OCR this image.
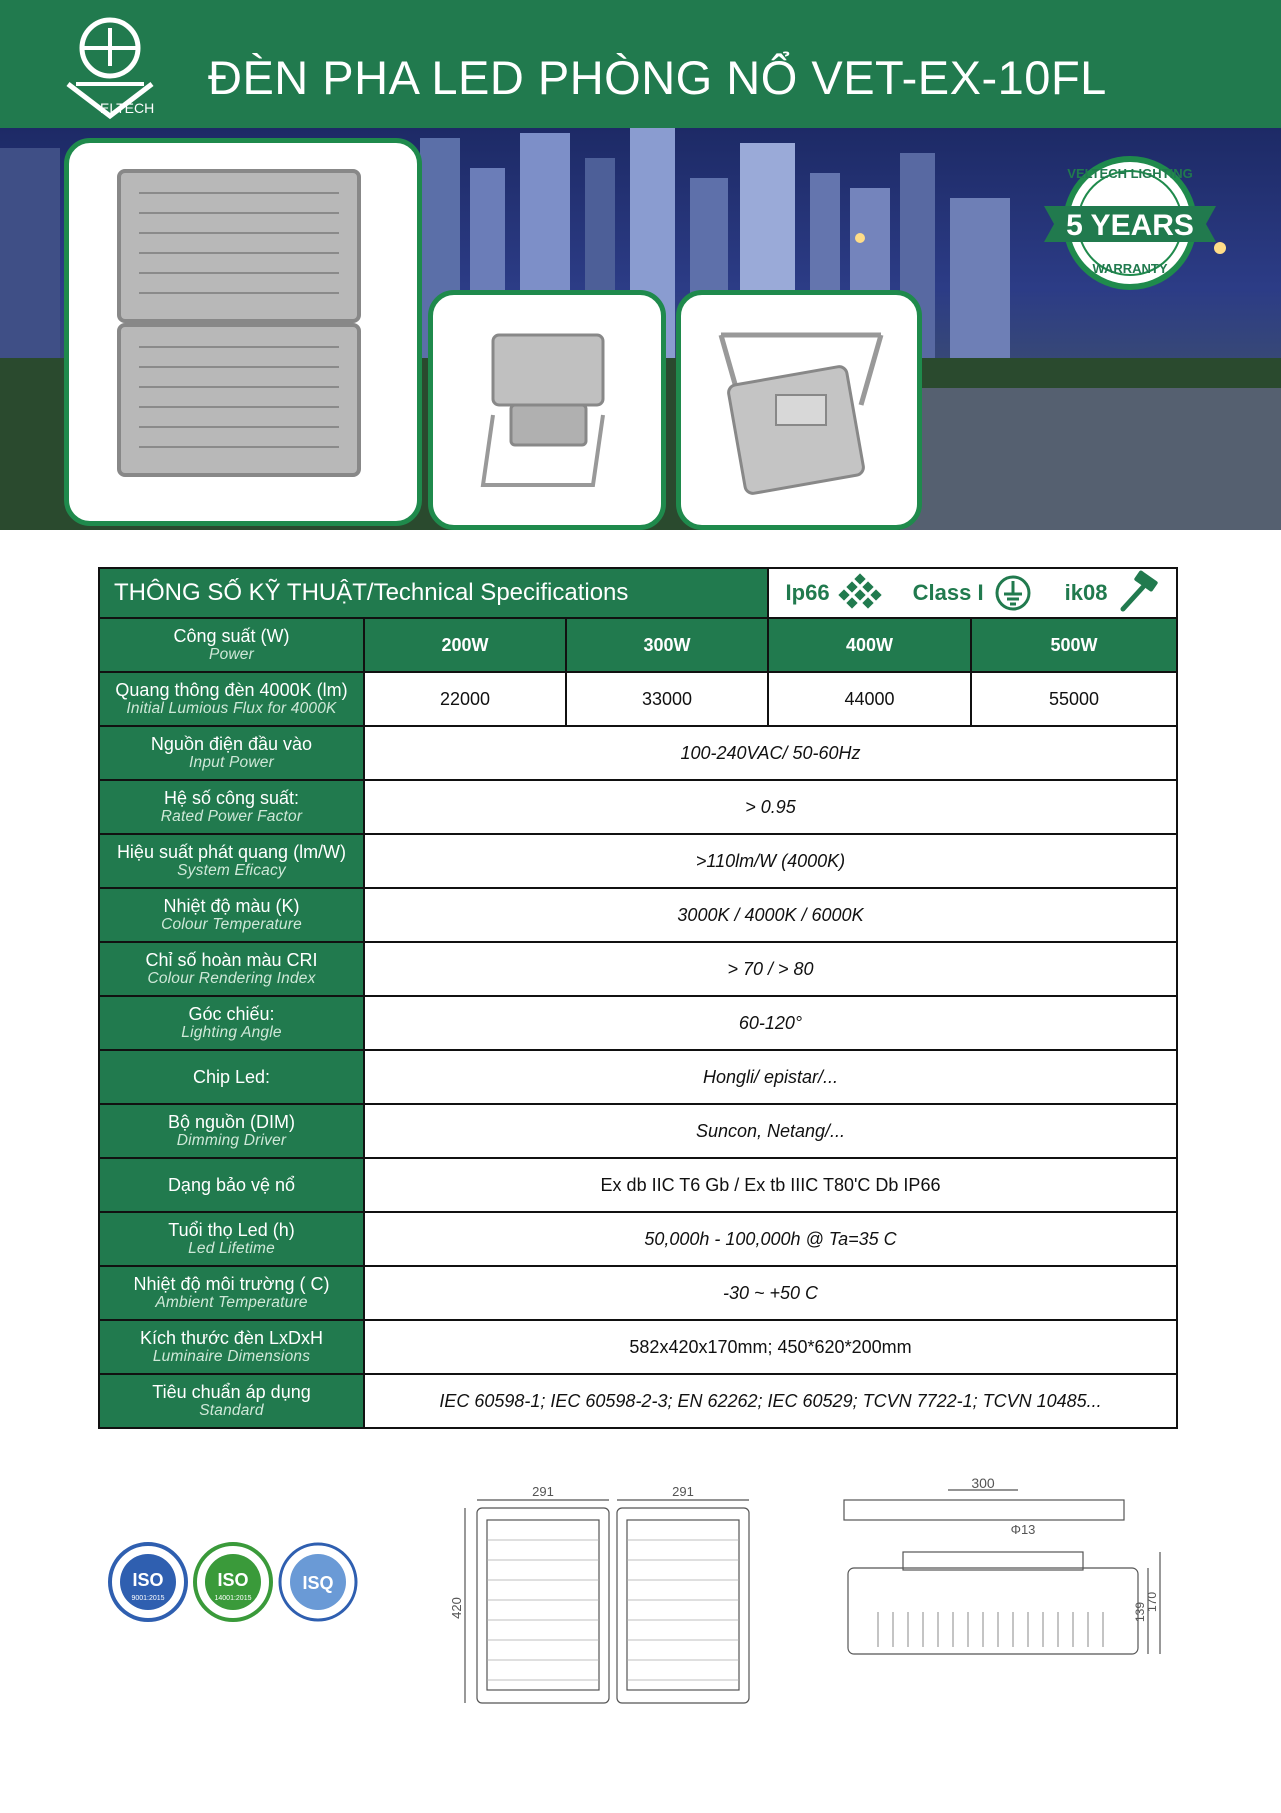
ELTECH
ĐÈN PHA LED PHÒNG NỔ VET-EX-10FL
VELTECH LIGHTING
5 YEARS
WARRANTY
THÔNG SỐ KỸ THUẬT/Technical Specifications			Ip66 Class I ik08	

Công suất (W)
Power	200W	300W	400W	500W

Quang thông đèn 4000K (lm)
Initial Lumious Flux for 4000K	22000	33000	44000	55000

Nguồn điện đầu vào
Input Power	100-240VAC/ 50-60Hz			

Hệ số công suất:
Rated Power Factor	> 0.95			

Hiệu suất phát quang (lm/W)
System Eficacy	>110lm/W (4000K)			

Nhiệt độ màu (K)
Colour Temperature	3000K / 4000K / 6000K			

Chỉ số hoàn màu CRI
Colour Rendering Index	> 70 / > 80			

Góc chiếu:
Lighting Angle	60-120°			

Chip Led:	Hongli/ epistar/...			

Bộ nguồn (DIM)
Dimming Driver	Suncon, Netang/...			

Dạng bảo vệ nổ	Ex db IIC T6 Gb / Ex tb IIIC T80'C Db IP66			

Tuổi thọ Led (h)
Led Lifetime	50,000h - 100,000h @ Ta=35 C			

Nhiệt độ môi trường ( C)
Ambient Temperature	-30 ~ +50 C			

Kích thước đèn LxDxH
Luminaire Dimensions	582x420x170mm; 450*620*200mm			

Tiêu chuẩn áp dụng
Standard	IEC 60598-1; IEC 60598-2-3; EN 62262; IEC 60529; TCVN 7722-1; TCVN 10485...			
ISO
9001:2015
ISO
14001:2015
ISQ
291	291
420
300
Φ13
139
170
